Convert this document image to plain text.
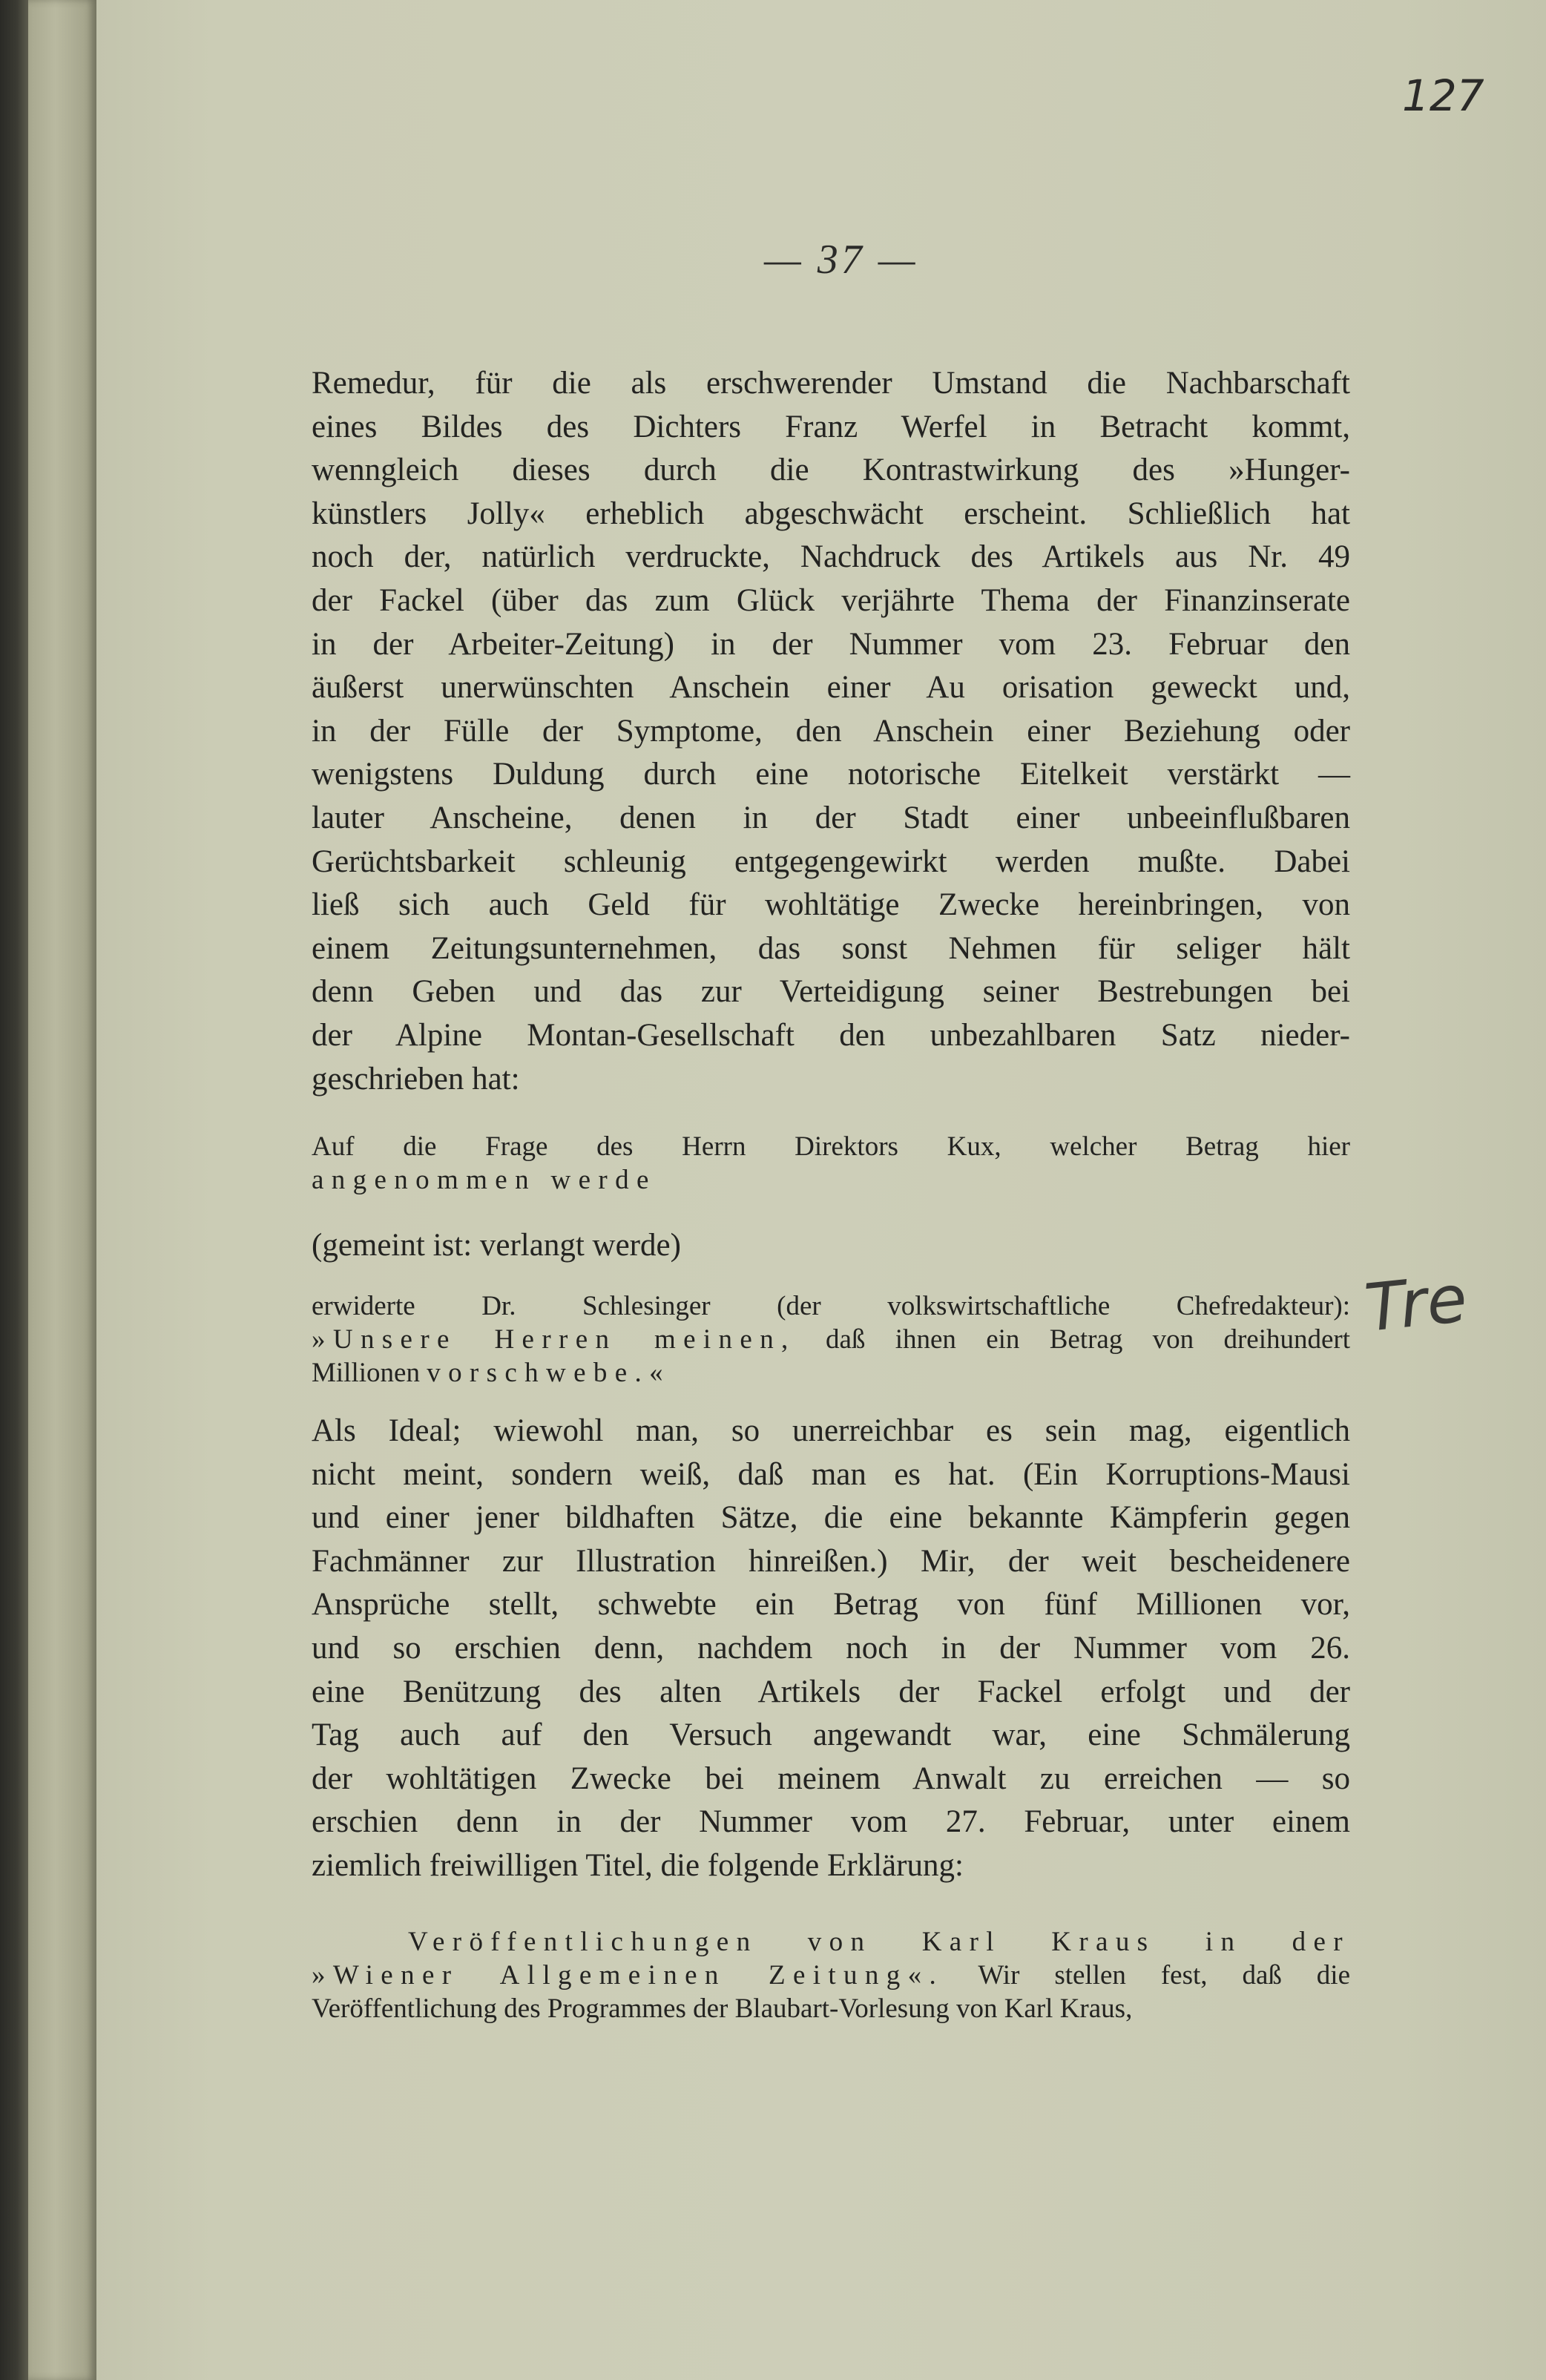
127
— 37 —
Tre
Remedur, für die als erschwerender Umstand die Nachbarschaft
eines Bildes des Dichters Franz Werfel in Betracht kommt,
wenngleich dieses durch die Kontrastwirkung des »Hunger-
künstlers Jolly« erheblich abgeschwächt erscheint. Schließlich hat
noch der, natürlich verdruckte, Nachdruck des Artikels aus Nr. 49
der Fackel (über das zum Glück verjährte Thema der Finanzinserate
in der Arbeiter-Zeitung) in der Nummer vom 23. Februar den
äußerst unerwünschten Anschein einer Au orisation geweckt und,
in der Fülle der Symptome, den Anschein einer Beziehung oder
wenigstens Duldung durch eine notorische Eitelkeit verstärkt —
lauter Anscheine, denen in der Stadt einer unbeeinflußbaren
Gerüchtsbarkeit schleunig entgegengewirkt werden mußte. Dabei
ließ sich auch Geld für wohltätige Zwecke hereinbringen, von
einem Zeitungsunternehmen, das sonst Nehmen für seliger hält
denn Geben und das zur Verteidigung seiner Bestrebungen bei
der Alpine Montan-Gesellschaft den unbezahlbaren Satz nieder-
geschrieben hat:
Auf die Frage des Herrn Direktors Kux, welcher Betrag hier
angenommen werde
(gemeint ist: verlangt werde)
erwiderte Dr. Schlesinger (der volkswirtschaftliche Chefredakteur):
»Unsere Herren meinen, daß ihnen ein Betrag von dreihundert
Millionen vorschwebe.«
Als Ideal; wiewohl man, so unerreichbar es sein mag, eigentlich
nicht meint, sondern weiß, daß man es hat. (Ein Korruptions-Mausi
und einer jener bildhaften Sätze, die eine bekannte Kämpferin gegen
Fachmänner zur Illustration hinreißen.) Mir, der weit bescheidenere
Ansprüche stellt, schwebte ein Betrag von fünf Millionen vor,
und so erschien denn, nachdem noch in der Nummer vom 26.
eine Benützung des alten Artikels der Fackel erfolgt und der
Tag auch auf den Versuch angewandt war, eine Schmälerung
der wohltätigen Zwecke bei meinem Anwalt zu erreichen — so
erschien denn in der Nummer vom 27. Februar, unter einem
ziemlich freiwilligen Titel, die folgende Erklärung:
Veröffentlichungen von Karl Kraus in der
»Wiener Allgemeinen Zeitung«. Wir stellen fest, daß die
Veröffentlichung des Programmes der Blaubart-Vorlesung von Karl Kraus,
